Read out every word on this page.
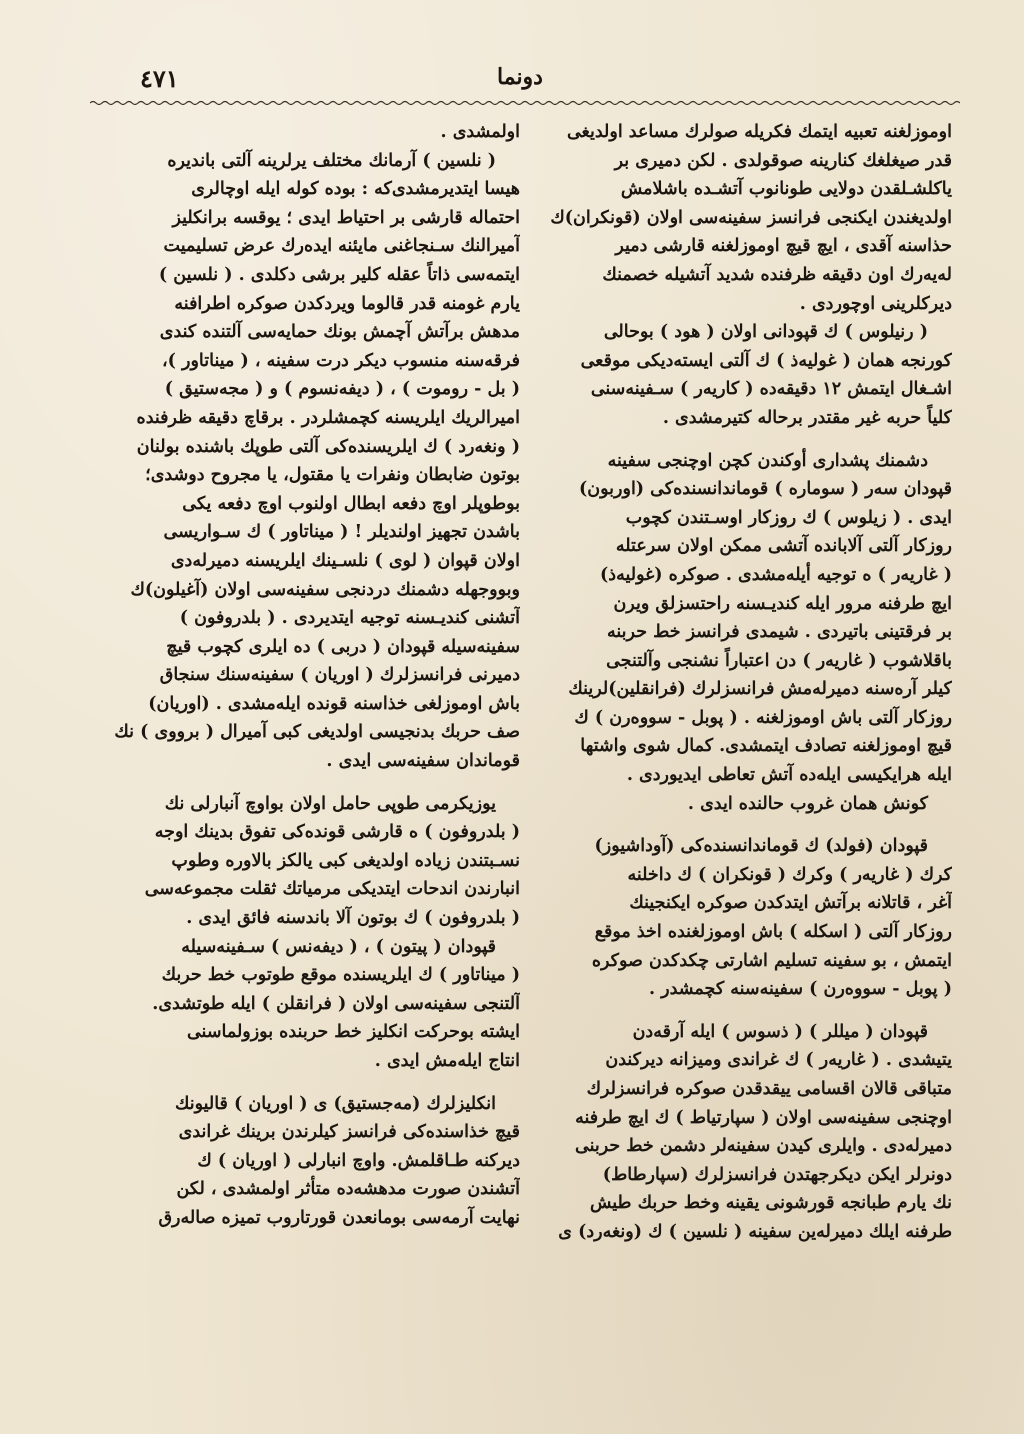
دونما
٤٧١
اوموزلغنه تعبیه ایتمك فكریله صولرك مساعد اولدیغی
قدر صیغلغك كنارینه صوقولدی . لكن دمیری بر
یاكلشـلقدن دولایی طونانوب آتشـده باشلامش
اولدیغندن ایكنجی فرانسز سفینه‌سی اولان (قونكران)ك
حذاسنه آقدی ، ایچ قیچ اوموزلغنه قارشی دمیر
له‌یه‌رك اون دقیقه ظرفنده شدید آتشیله خصمنك
دیركلرینی اوچوردی .
( رنیلوس ) ك قپودانی اولان ( هود ) بوحالی
كورنجه همان ( غولیه‌ذ ) ك آلتی ایسته‌دیكی موقعی
اشـغال ایتمش ١٢ دقیقه‌ده ( كاریه‌ر ) سـفینه‌سنی
كلیاً حربه غیر مقتدر برحاله كتیرمشدی .
دشمنك پشداری أوكندن كچن اوچنجی سفینه
قپودان سه‌ر ( سوماره ) قوماندانسنده‌كی (اوربون)
ایدی . ( زیلوس ) ك روزكار اوسـتندن كچوب
روزكار آلتی آلابانده آتشی ممكن اولان سرعتله
( غاریه‌ر ) ه توجیه أیله‌مشدی . صوكره (غولیه‌ذ)
ایچ طرفنه مرور ایله كندیـسنه راحتسزلق ویرن
بر فرقتینی باتیردی . شیمدی فرانسز خط حربنه
باقلاشوب ( غاریه‌ر ) دن اعتباراً نشنجی وآلتنجی
كیلر آره‌سنه دمیرله‌مش فرانسزلرك (فرانقلین)لرینك
روزكار آلتی باش اوموزلغنه . ( پوبل - سووه‌رن ) ك
قیچ اوموزلغنه تصادف ایتمشدی. كمال شوی واشتها
ایله هرایكیسی ایله‌ده آتش تعاطی ایدیوردی .
كونش همان غروب حالنده ایدی .
قپودان (فولد) ك قوماندانسنده‌كی (آوداشیوز)
كرك ( غاریه‌ر ) وكرك ( قونكران ) ك داخلنه
آغر ، قاتلانه برآتش ایتدكدن صوكره ایكنجینك
روزكار آلتی ( اسكله ) باش اوموزلغنده اخذ موقع
ایتمش ، بو سفینه تسلیم اشارتی چكدكدن صوكره
( پوبل - سووه‌رن ) سفینه‌سنه كچمشدر .
قپودان ( میللر ) ( ذسوس ) ایله آرقه‌دن
یتیشدی . ( غاریه‌ر ) ك غراندی ومیزانه دیركندن
متباقی قالان اقسامی ییقدقدن صوكره فرانسزلرك
اوچنجی سفینه‌سی اولان ( سپارتیاط ) ك ایچ طرفنه
دمیرله‌دی . وایلری كیدن سفینه‌لر دشمن خط حربنی
دونرلر ایكن دیكرجهتدن فرانسزلرك (سپارطاط)
نك یارم طبانجه قورشونی یقینه وخط حربك طیش
طرفنه ایلك دمیرله‌ین سفینه ( نلسین ) ك (ونغه‌رد) ی
اولمشدی .
( نلسین ) آرمانك مختلف یرلرینه آلتی باندیره
هیسا ایتدیرمشدی‌كه : بوده كوله ایله اوچالری
احتماله قارشی بر احتیاط ایدی ؛ یوقسه برانكلیز
آمیرالنك سـنجاغنی مایئنه ایده‌رك عرض تسلیمیت
ایتمه‌سی ذاتاً عقله كلیر برشی دكلدی . ( نلسین )
یارم غومنه قدر قالوما ویردكدن صوكره اطرافنه
مدهش برآتش آچمش بونك حمایه‌سی آلتنده كندی
فرقه‌سنه منسوب دیكر درت سفینه ، ( میناتاور )،
( بل - روموت ) ، ( دیفه‌نسوم ) و ( مجه‌ستیق )
امیرالریك ایلریسنه كچمشلردر . برقاچ دقیقه ظرفنده
( ونغه‌رد ) ك ایلریسنده‌كی آلتی طوپك باشنده بولنان
بوتون ضابطان ونفرات یا مقتول، یا مجروح دوشدی؛
بوطوپلر اوچ دفعه ابطال اولنوب اوچ دفعه یكی
باشدن تجهیز اولندیلر ! ( میناتاور ) ك سـواریسی
اولان قپوان ( لوی ) نلسـینك ایلریسنه دمیرله‌دی
وبووجهله دشمنك دردنجی سفینه‌سی اولان (آغیلون)ك
آتشنی كندیـسنه توجیه ایتدیردی . ( بلدروفون )
سفینه‌سیله قپودان ( دربی ) ده ایلری كچوب قیچ
دمیرنی فرانسزلرك ( اوریان ) سفینه‌سنك سنجاق
باش اوموزلغی خذاسنه قونده ایله‌مشدی . (اوریان)
صف حربك بدنجیسی اولدیغی كبی آمیرال ( برووی ) نك
قوماندان سفینه‌سی ایدی .
یوزیكرمی طوپی حامل اولان بواوچ آنبارلی نك
( بلدروفون ) ه قارشی قونده‌كی تفوق بدینك اوجه
نسـبتندن زیاده اولدیغی كبی یالكز بالاوره وطوپ
انبارندن اندحات ایتدیكی مرمیاتك ثقلت مجموعه‌سی
( بلدروفون ) ك بوتون آلا باندسنه فائق ایدی .
قپودان ( پیتون ) ، ( دیفه‌نس ) سـفینه‌سیله
( میناتاور ) ك ایلریسنده موقع طوتوب خط حربك
آلتنجی سفینه‌سی اولان ( فرانقلن ) ایله طوتشدی.
ایشته بوحركت انكلیز خط حربنده بوزولماسنی
انتاج ایله‌مش ایدی .
انكلیزلرك (مه‌جستیق) ی ( اوریان ) قالیونك
قیچ خذاسنده‌كی فرانسز كیلرندن برینك غراندی
دیركنه طـاقلمش. واوچ انبارلی ( اوریان ) ك
آتشندن صورت مدهشه‌ده متأثر اولمشدی ، لكن
نهایت آرمه‌سی بومانعدن قورتاروب تمیزه صاله‌رق
